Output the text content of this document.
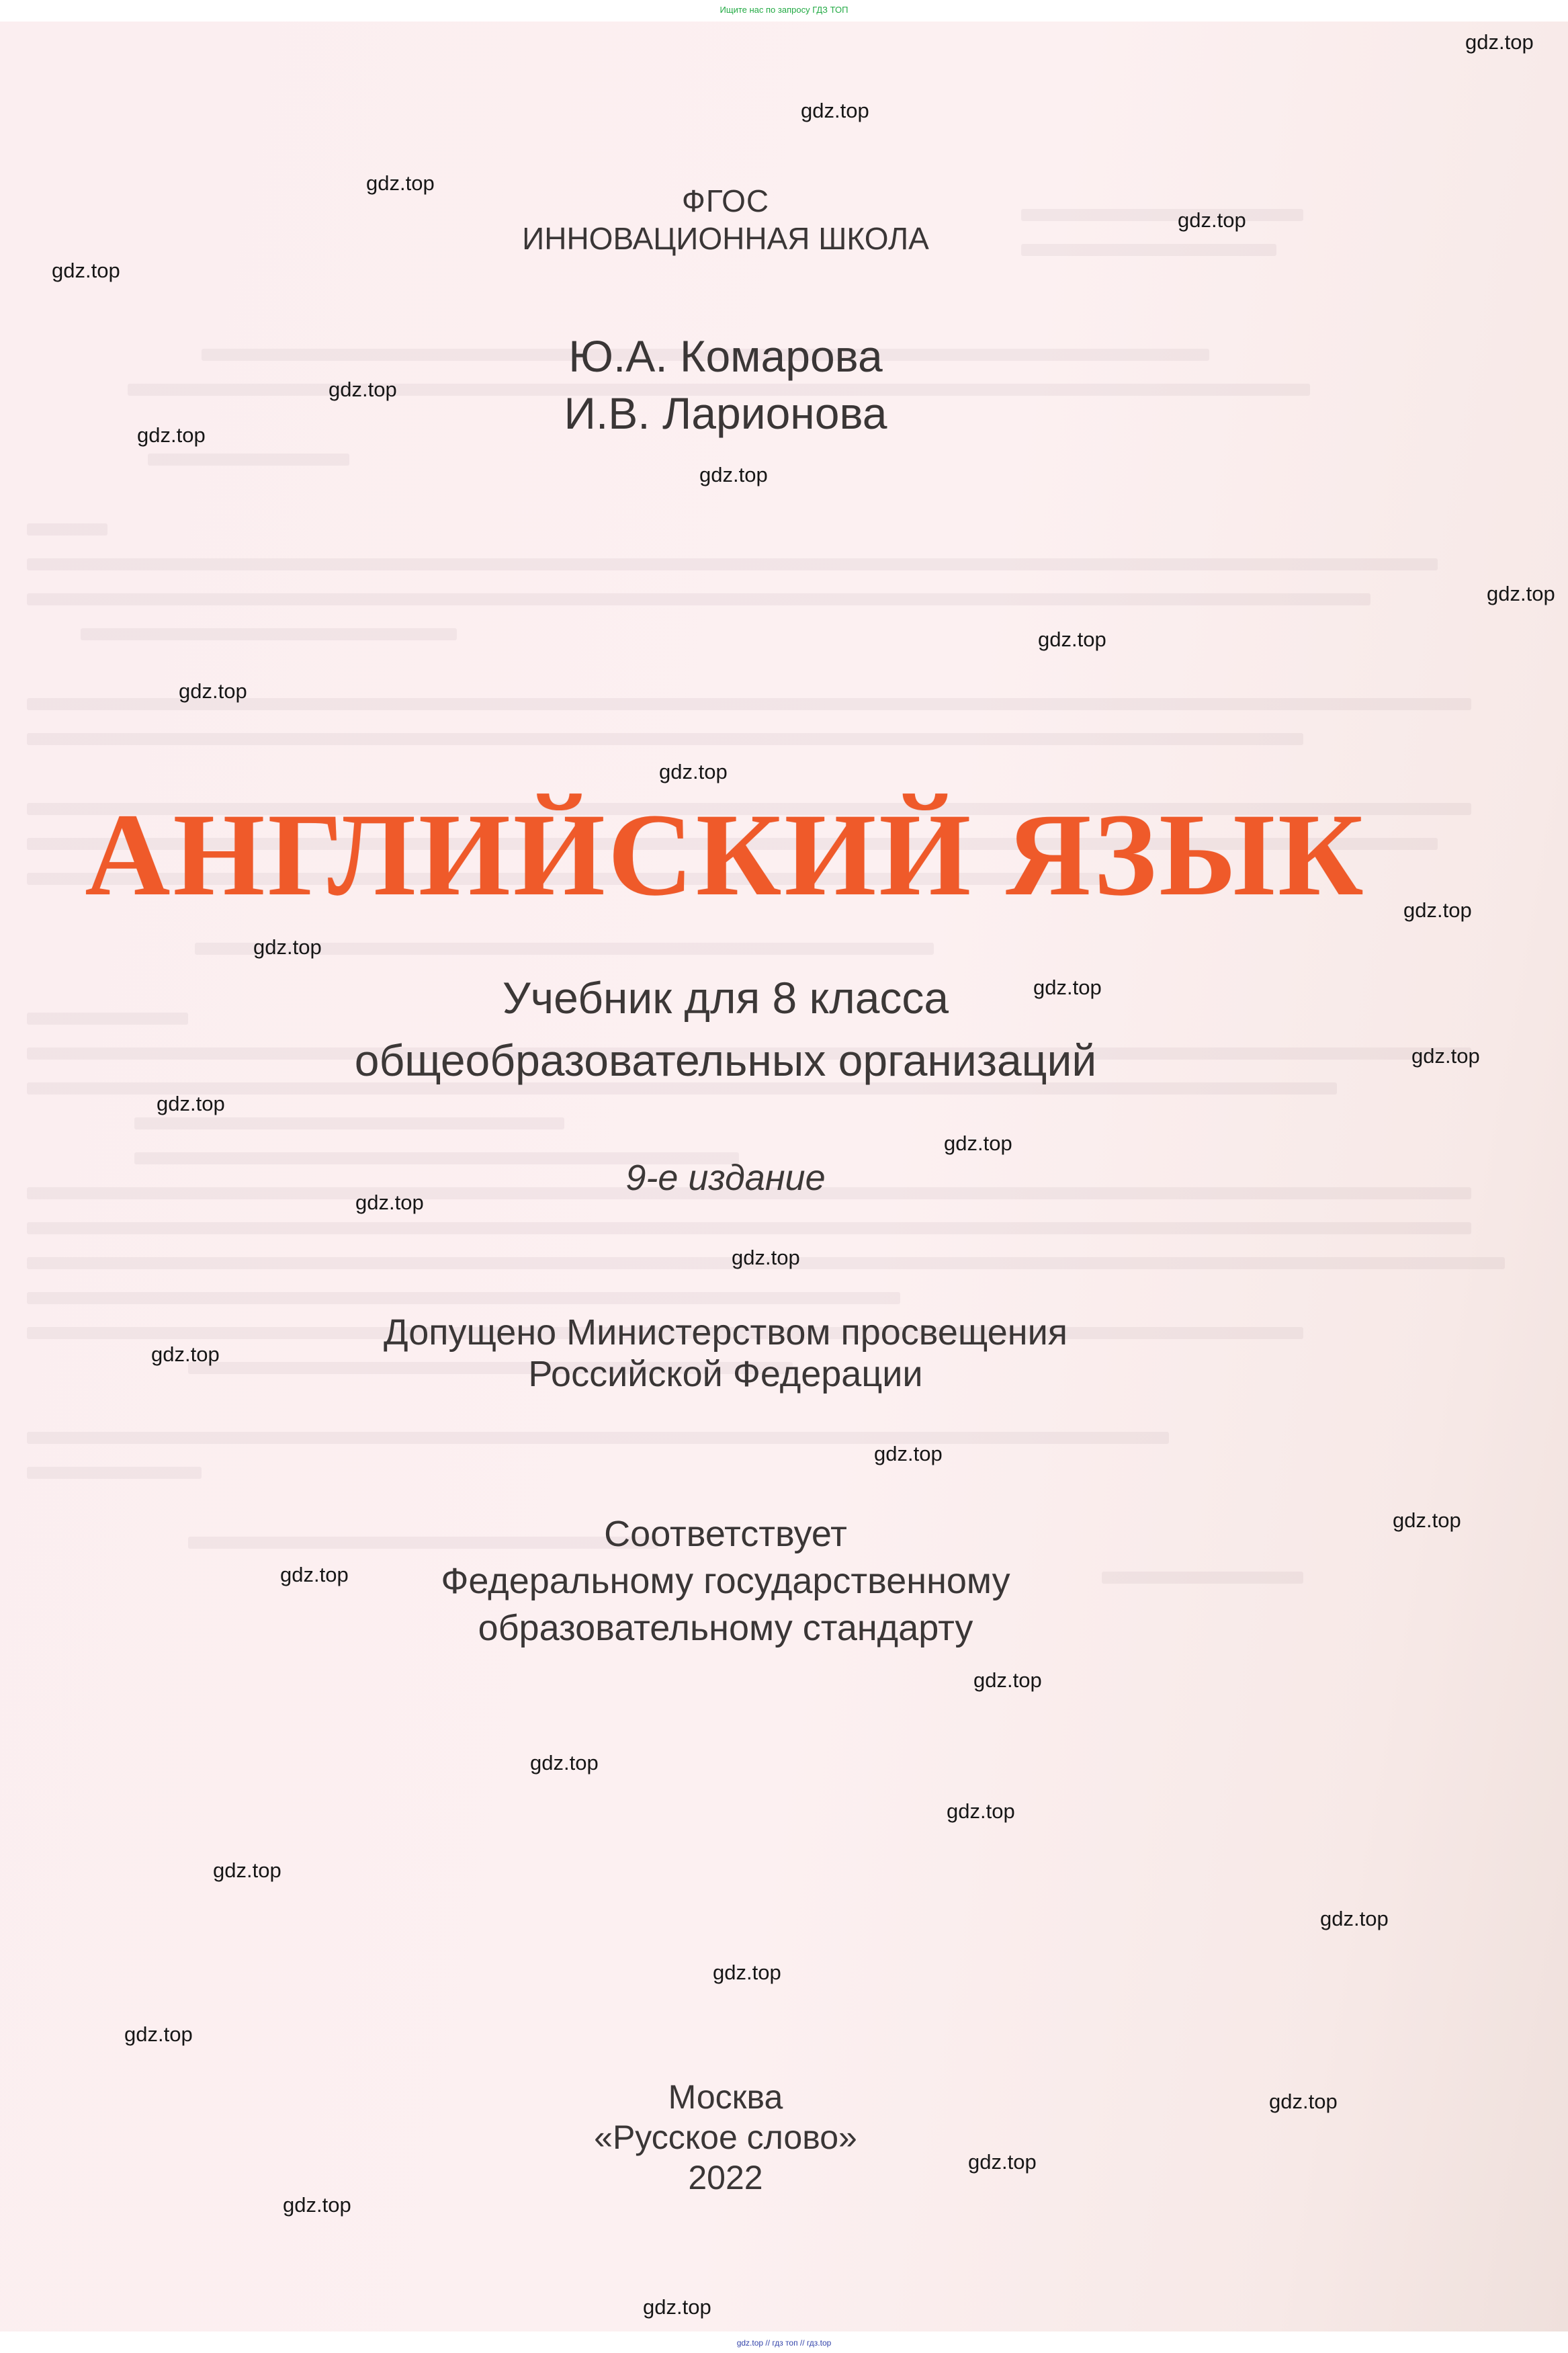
Ищите нас по запросу ГДЗ ТОП
ФГОС
ИННОВАЦИОННАЯ ШКОЛА
Ю.А. Комарова
И.В. Ларионова
АНГЛИЙСКИЙ ЯЗЫК
Учебник для 8 класса
общеобразовательных организаций
9-е издание
Допущено Министерством просвещения
Российской Федерации
Соответствует
Федеральному государственному
образовательному стандарту
Москва
«Русское слово»
2022
gdz.top
gdz.top
gdz.top
gdz.top
gdz.top
gdz.top
gdz.top
gdz.top
gdz.top
gdz.top
gdz.top
gdz.top
gdz.top
gdz.top
gdz.top
gdz.top
gdz.top
gdz.top
gdz.top
gdz.top
gdz.top
gdz.top
gdz.top
gdz.top
gdz.top
gdz.top
gdz.top
gdz.top
gdz.top
gdz.top
gdz.top
gdz.top
gdz.top
gdz.top
gdz.top
gdz.top // гдз топ // гдз.top
